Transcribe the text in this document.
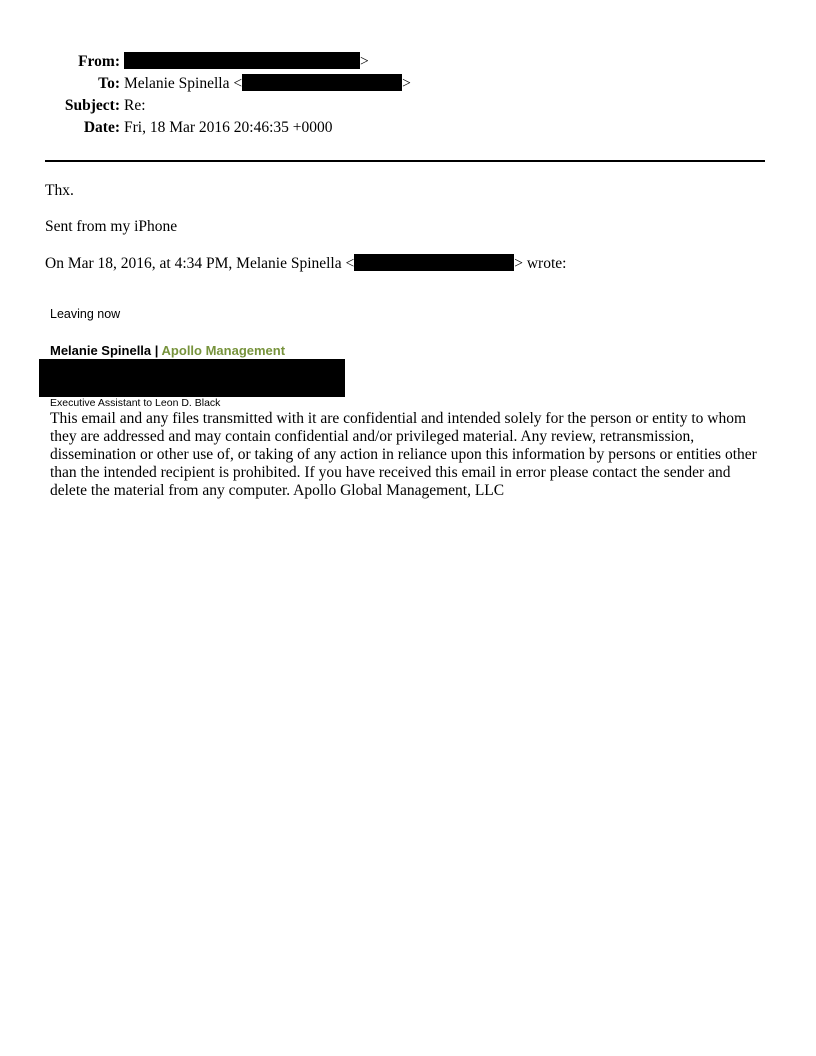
From:	>
To: Melanie Spinella <	>
Subject: Re:
Date: Fri, 18 Mar 2016 20:46:35 +0000
Thx.
Sent from my iPhone
On Mar 18, 2016, at 4:34 PM, Melanie Spinella <	> wrote:
Leaving now
Melanie Spinella | Apollo Management
Executive Assistant to Leon D. Black
This email and any files transmitted with it are confidential and intended solely for the person or entity to whom they are addressed and may contain confidential and/or privileged material. Any review, retransmission, dissemination or other use of, or taking of any action in reliance upon this information by persons or entities other than the intended recipient is prohibited. If you have received this email in error please contact the sender and delete the material from any computer. Apollo Global Management, LLC
